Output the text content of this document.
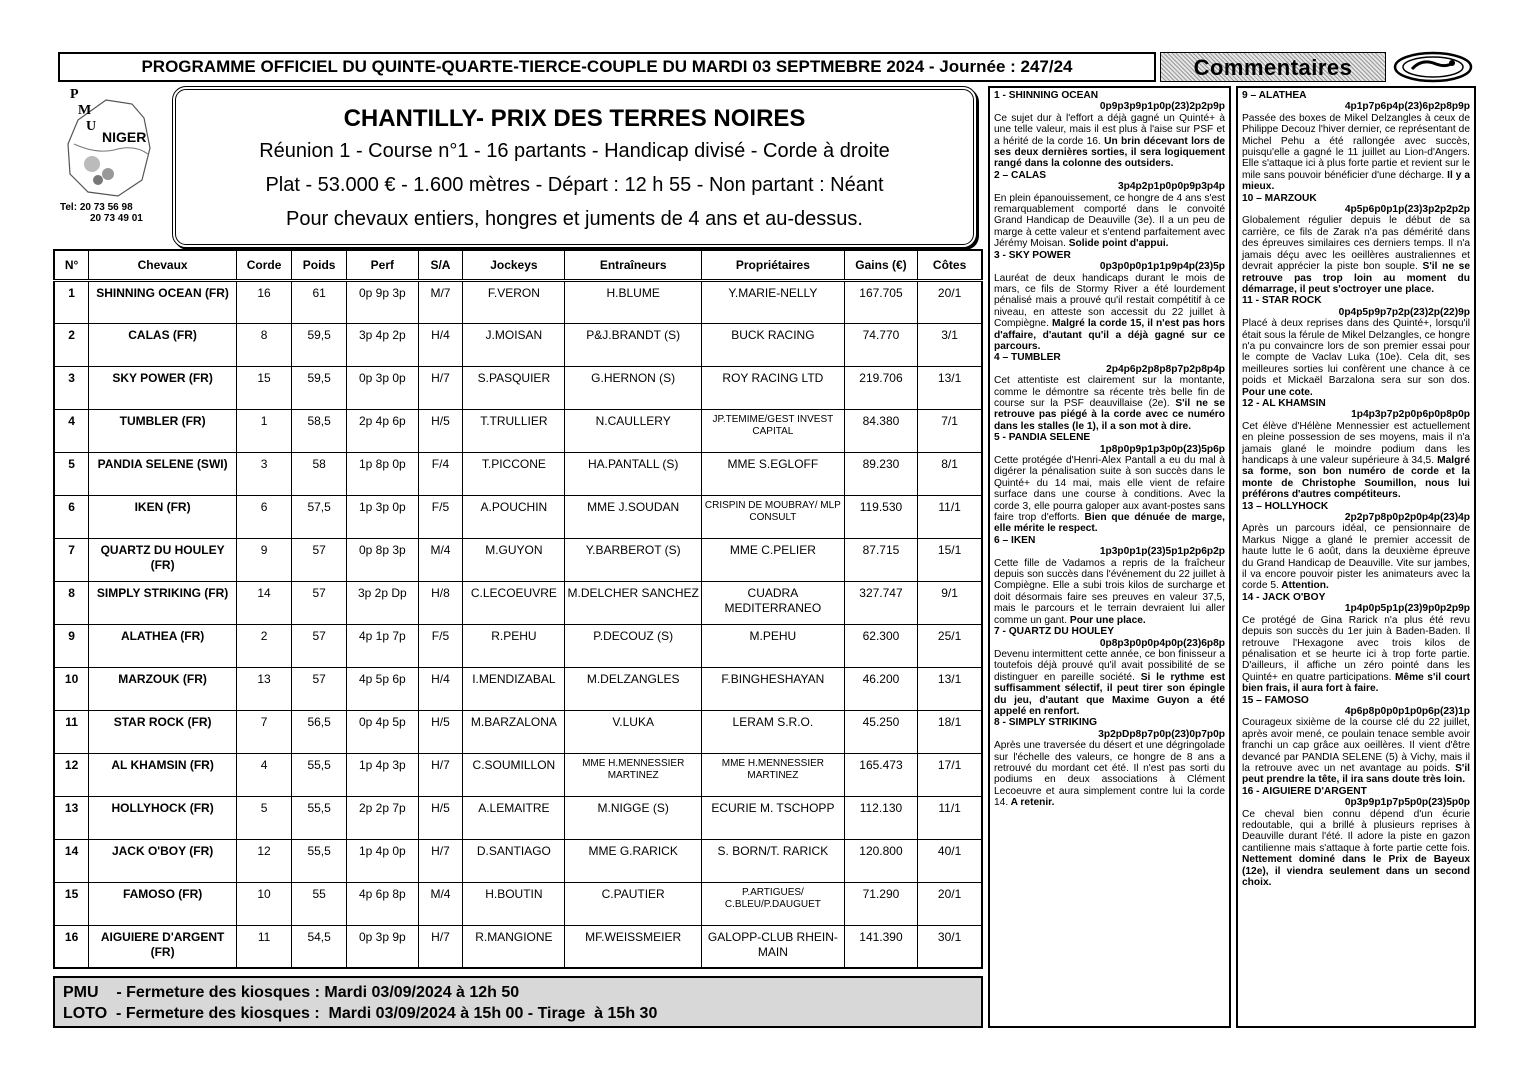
PROGRAMME OFFICIEL DU QUINTE-QUARTE-TIERCE-COUPLE DU MARDI 03 SEPTMEBRE 2024 - Journée : 247/24	Commentaires
P
M
U
NIGER
Tel: 20 73 56 98
20 73 49 01
CHANTILLY- PRIX DES TERRES NOIRES
Réunion 1 - Course n°1 - 16 partants - Handicap divisé - Corde à droite
Plat - 53.000 € - 1.600 mètres - Départ : 12 h 55 - Non partant : Néant
Pour chevaux entiers, hongres et juments de 4 ans et au-dessus.
N°	Chevaux	Corde	Poids	Perf	S/A	Jockeys	Entraîneurs	Propriétaires	Gains (€)	Côtes
1	SHINNING OCEAN (FR)	16	61	0p 9p 3p	M/7	F.VERON	H.BLUME	Y.MARIE-NELLY	167.705	20/1
2	CALAS (FR)	8	59,5	3p 4p 2p	H/4	J.MOISAN	P&J.BRANDT (S)	BUCK RACING	74.770	3/1
3	SKY POWER (FR)	15	59,5	0p 3p 0p	H/7	S.PASQUIER	G.HERNON (S)	ROY RACING LTD	219.706	13/1
4	TUMBLER (FR)	1	58,5	2p 4p 6p	H/5	T.TRULLIER	N.CAULLERY	JP.TEMIME/GEST INVEST CAPITAL	84.380	7/1
5	PANDIA SELENE (SWI)	3	58	1p 8p 0p	F/4	T.PICCONE	HA.PANTALL (S)	MME S.EGLOFF	89.230	8/1
6	IKEN (FR)	6	57,5	1p 3p 0p	F/5	A.POUCHIN	MME J.SOUDAN	CRISPIN DE MOUBRAY/ MLP CONSULT	119.530	11/1
7	QUARTZ DU HOULEY (FR)	9	57	0p 8p 3p	M/4	M.GUYON	Y.BARBEROT (S)	MME C.PELIER	87.715	15/1
8	SIMPLY STRIKING (FR)	14	57	3p 2p Dp	H/8	C.LECOEUVRE	M.DELCHER SANCHEZ	CUADRA MEDITERRANEO	327.747	9/1
9	ALATHEA (FR)	2	57	4p 1p 7p	F/5	R.PEHU	P.DECOUZ (S)	M.PEHU	62.300	25/1
10	MARZOUK (FR)	13	57	4p 5p 6p	H/4	I.MENDIZABAL	M.DELZANGLES	F.BINGHESHAYAN	46.200	13/1
11	STAR ROCK (FR)	7	56,5	0p 4p 5p	H/5	M.BARZALONA	V.LUKA	LERAM S.R.O.	45.250	18/1
12	AL KHAMSIN (FR)	4	55,5	1p 4p 3p	H/7	C.SOUMILLON	MME H.MENNESSIER MARTINEZ	MME H.MENNESSIER MARTINEZ	165.473	17/1
13	HOLLYHOCK (FR)	5	55,5	2p 2p 7p	H/5	A.LEMAITRE	M.NIGGE (S)	ECURIE M. TSCHOPP	112.130	11/1
14	JACK O'BOY (FR)	12	55,5	1p 4p 0p	H/7	D.SANTIAGO	MME G.RARICK	S. BORN/T. RARICK	120.800	40/1
15	FAMOSO (FR)	10	55	4p 6p 8p	M/4	H.BOUTIN	C.PAUTIER	P.ARTIGUES/ C.BLEU/P.DAUGUET	71.290	20/1
16	AIGUIERE D'ARGENT (FR)	11	54,5	0p 3p 9p	H/7	R.MANGIONE	MF.WEISSMEIER	GALOPP-CLUB RHEIN-MAIN	141.390	30/1
PMU    - Fermeture des kiosques : Mardi 03/09/2024 à 12h 50
LOTO  - Fermeture des kiosques :  Mardi 03/09/2024 à 15h 00 - Tirage  à 15h 30
1 - SHINNING OCEAN
0p9p3p9p1p0p(23)2p2p9p
Ce sujet dur à l'effort a déjà gagné un Quinté+ à une telle valeur, mais il est plus à l'aise sur PSF et a hérité de la corde 16. Un brin décevant lors de ses deux dernières sorties, il sera logiquement rangé dans la colonne des outsiders.
2 – CALAS
3p4p2p1p0p0p9p3p4p
En plein épanouissement, ce hongre de 4 ans s'est remarquablement comporté dans le convoité Grand Handicap de Deauville (3e). Il a un peu de marge à cette valeur et s'entend parfaitement avec Jérémy Moisan. Solide point d'appui.
3 - SKY POWER
0p3p0p0p1p1p9p4p(23)5p
Lauréat de deux handicaps durant le mois de mars, ce fils de Stormy River a été lourdement pénalisé mais a prouvé qu'il restait compétitif à ce niveau, en atteste son accessit du 22 juillet à Compiègne. Malgré la corde 15, il n'est pas hors d'affaire, d'autant qu'il a déjà gagné sur ce parcours.
4 – TUMBLER
2p4p6p2p8p8p7p2p8p4p
Cet attentiste est clairement sur la montante, comme le démontre sa récente très belle fin de course sur la PSF deauvillaise (2e). S'il ne se retrouve pas piégé à la corde avec ce numéro dans les stalles (le 1), il a son mot à dire.
5 - PANDIA SELENE
1p8p0p9p1p3p0p(23)5p6p
Cette protégée d'Henri-Alex Pantall a eu du mal à digérer la pénalisation suite à son succès dans le Quinté+ du 14 mai, mais elle vient de refaire surface dans une course à conditions. Avec la corde 3, elle pourra galoper aux avant-postes sans faire trop d'efforts. Bien que dénuée de marge, elle mérite le respect.
6 – IKEN
1p3p0p1p(23)5p1p2p6p2p
Cette fille de Vadamos a repris de la fraîcheur depuis son succès dans l'événement du 22 juillet à Compiègne. Elle a subi trois kilos de surcharge et doit désormais faire ses preuves en valeur 37,5, mais le parcours et le terrain devraient lui aller comme un gant. Pour une place.
7 - QUARTZ DU HOULEY
0p8p3p0p0p4p0p(23)6p8p
Devenu intermittent cette année, ce bon finisseur a toutefois déjà prouvé qu'il avait possibilité de se distinguer en pareille société. Si le rythme est suffisamment sélectif, il peut tirer son épingle du jeu, d'autant que Maxime Guyon a été appelé en renfort.
8 - SIMPLY STRIKING
3p2pDp8p7p0p(23)0p7p0p
Après une traversée du désert et une dégringolade sur l'échelle des valeurs, ce hongre de 8 ans a retrouvé du mordant cet été. Il n'est pas sorti du podiums en deux associations à Clément Lecoeuvre et aura simplement contre lui la corde 14. A retenir.
9 – ALATHEA
4p1p7p6p4p(23)6p2p8p9p
Passée des boxes de Mikel Delzangles à ceux de Philippe Decouz l'hiver dernier, ce représentant de Michel Pehu a été rallongée avec succès, puisqu'elle a gagné le 11 juillet au Lion-d'Angers. Elle s'attaque ici à plus forte partie et revient sur le mile sans pouvoir bénéficier d'une décharge. Il y a mieux.
10 – MARZOUK
4p5p6p0p1p(23)3p2p2p2p
Globalement régulier depuis le début de sa carrière, ce fils de Zarak n'a pas démérité dans des épreuves similaires ces derniers temps. Il n'a jamais déçu avec les oeillères australiennes et devrait apprécier la piste bon souple. S'il ne se retrouve pas trop loin au moment du démarrage, il peut s'octroyer une place.
11 - STAR ROCK
0p4p5p9p7p2p(23)2p(22)9p
Placé à deux reprises dans des Quinté+, lorsqu'il était sous la férule de Mikel Delzangles, ce hongre n'a pu convaincre lors de son premier essai pour le compte de Vaclav Luka (10e). Cela dit, ses meilleures sorties lui confèrent une chance à ce poids et Mickaël Barzalona sera sur son dos. Pour une cote.
12 - AL KHAMSIN
1p4p3p7p2p0p6p0p8p0p
Cet élève d'Hélène Mennessier est actuellement en pleine possession de ses moyens, mais il n'a jamais glané le moindre podium dans les handicaps à une valeur supérieure à 34,5. Malgré sa forme, son bon numéro de corde et la monte de Christophe Soumillon, nous lui préférons d'autres compétiteurs.
13 – HOLLYHOCK
2p2p7p8p0p2p0p4p(23)4p
Après un parcours idéal, ce pensionnaire de Markus Nigge a glané le premier accessit de haute lutte le 6 août, dans la deuxième épreuve du Grand Handicap de Deauville. Vite sur jambes, il va encore pouvoir pister les animateurs avec la corde 5. Attention.
14 - JACK O'BOY
1p4p0p5p1p(23)9p0p2p9p
Ce protégé de Gina Rarick n'a plus été revu depuis son succès du 1er juin à Baden-Baden. Il retrouve l'Hexagone avec trois kilos de pénalisation et se heurte ici à trop forte partie. D'ailleurs, il affiche un zéro pointé dans les Quinté+ en quatre participations. Même s'il court bien frais, il aura fort à faire.
15 – FAMOSO
4p6p8p0p0p1p0p6p(23)1p
Courageux sixième de la course clé du 22 juillet, après avoir mené, ce poulain tenace semble avoir franchi un cap grâce aux oeillères. Il vient d'être devancé par PANDIA SELENE (5) à Vichy, mais il la retrouve avec un net avantage au poids. S'il peut prendre la tête, il ira sans doute très loin.
16 - AIGUIERE D'ARGENT
0p3p9p1p7p5p0p(23)5p0p
Ce cheval bien connu dépend d'un écurie redoutable, qui a brillé à plusieurs reprises à Deauville durant l'été. Il adore la piste en gazon cantilienne mais s'attaque à forte partie cette fois. Nettement dominé dans le Prix de Bayeux (12e), il viendra seulement dans un second choix.
